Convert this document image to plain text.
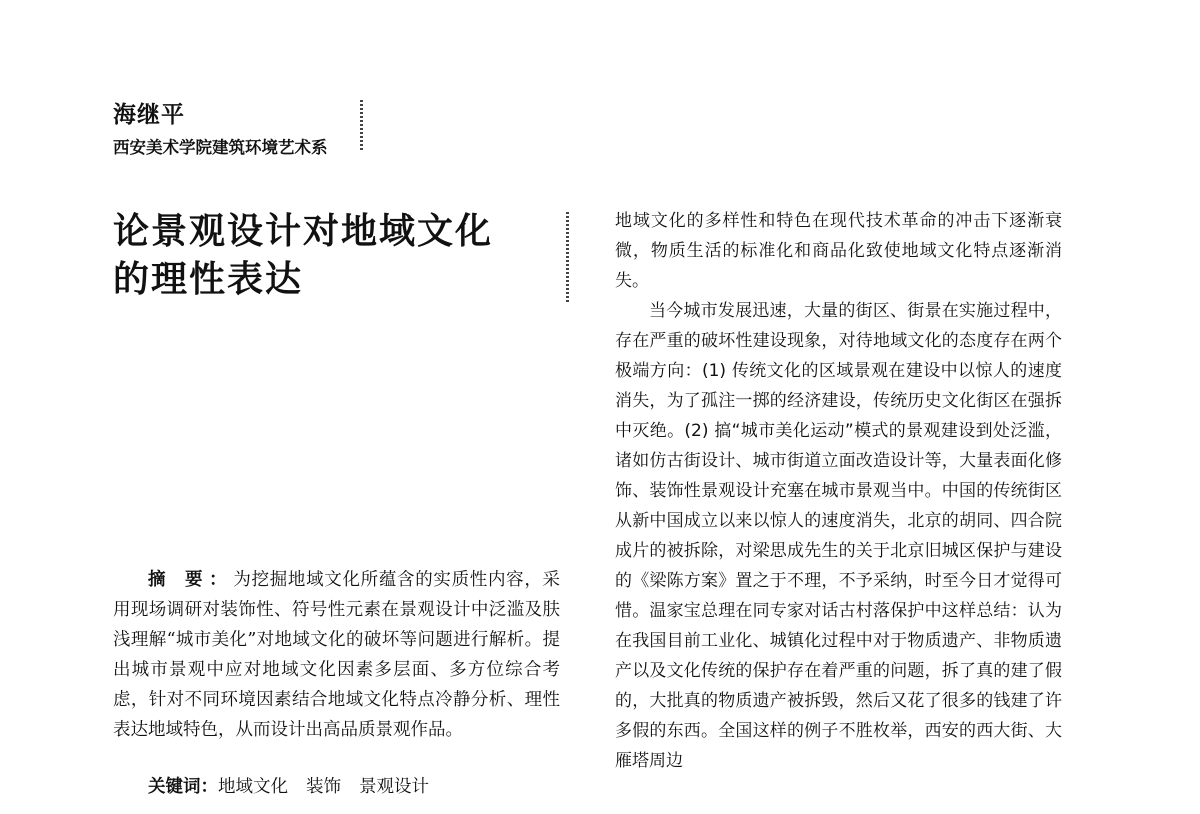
海继平
西安美术学院建筑环境艺术系
论景观设计对地域文化
的理性表达

摘 要：为挖掘地域文化所蕴含的实质性内容，采用现场调研对装饰性、符号性元素在景观设计中泛滥及肤浅理解“城市美化”对地域文化的破坏等问题进行解析。提出城市景观中应对地域文化因素多层面、多方位综合考虑，针对不同环境因素结合地域文化特点冷静分析、理性表达地域特色，从而设计出高品质景观作品。

关键词：地域文化 装饰 景观设计

地域文化的多样性和特色在现代技术革命的冲击下逐渐衰微，物质生活的标准化和商品化致使地域文化特点逐渐消失。

当今城市发展迅速，大量的街区、街景在实施过程中，存在严重的破坏性建设现象，对待地域文化的态度存在两个极端方向：(1) 传统文化的区域景观在建设中以惊人的速度消失，为了孤注一掷的经济建设，传统历史文化街区在强拆中灭绝。(2) 搞“城市美化运动”模式的景观建设到处泛滥，诸如仿古街设计、城市街道立面改造设计等，大量表面化修饰、装饰性景观设计充塞在城市景观当中。中国的传统街区从新中国成立以来以惊人的速度消失，北京的胡同、四合院成片的被拆除，对梁思成先生的关于北京旧城区保护与建设的《梁陈方案》置之于不理，不予采纳，时至今日才觉得可惜。温家宝总理在同专家对话古村落保护中这样总结：认为在我国目前工业化、城镇化过程中对于物质遗产、非物质遗产以及文化传统的保护存在着严重的问题，拆了真的建了假的，大批真的物质遗产被拆毁，然后又花了很多的钱建了许多假的东西。全国这样的例子不胜枚举，西安的西大街、大雁塔周边
